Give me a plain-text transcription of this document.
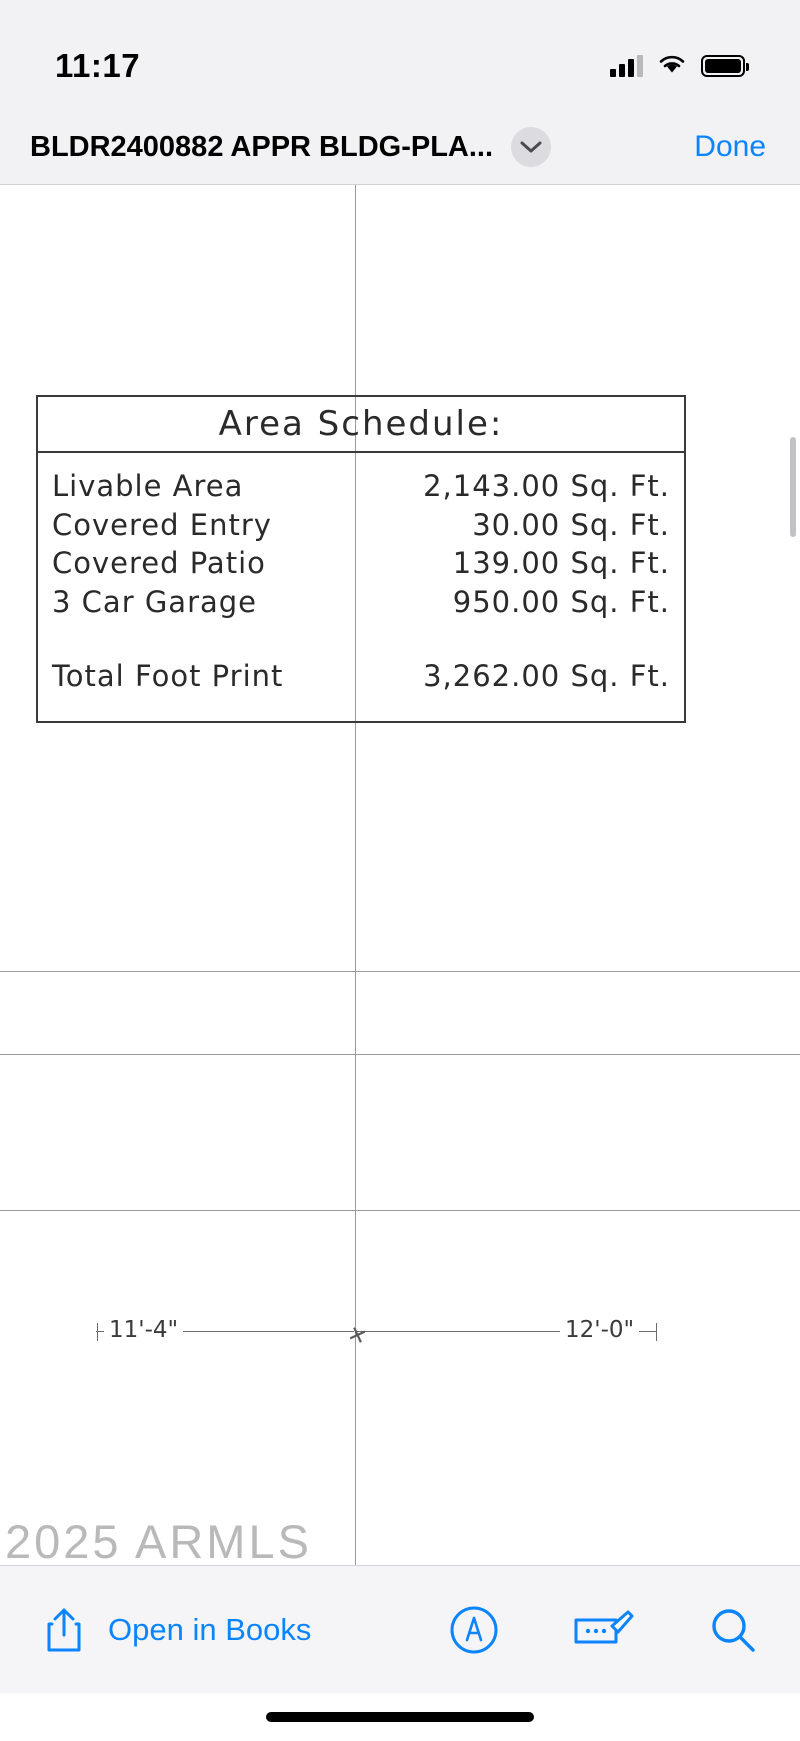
11:17
BLDR2400882 APPR BLDG-PLA...	Done
Area Schedule:
Livable Area	2,143.00 Sq. Ft.
Covered Entry	30.00 Sq. Ft.
Covered Patio	139.00 Sq. Ft.
3 Car Garage	950.00 Sq. Ft.
Total Foot Print	3,262.00 Sq. Ft.
✕
11'-4"	12'-0"
2025 ARMLS
Open in Books
